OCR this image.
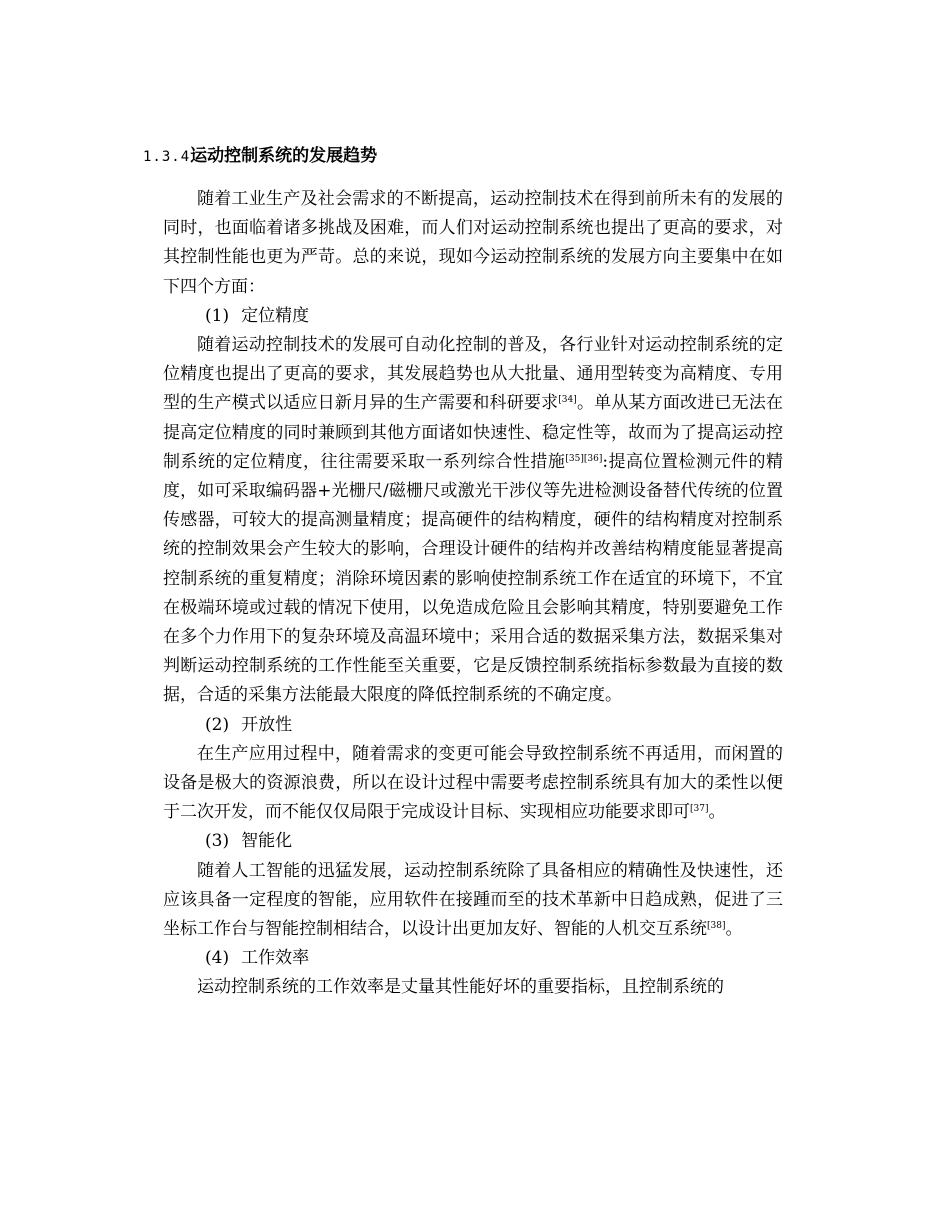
1.3.4运动控制系统的发展趋势

随着工业生产及社会需求的不断提高，运动控制技术在得到前所未有的发展的同时，也面临着诸多挑战及困难，而人们对运动控制系统也提出了更高的要求，对其控制性能也更为严苛。总的来说，现如今运动控制系统的发展方向主要集中在如下四个方面：

(1) 定位精度

随着运动控制技术的发展可自动化控制的普及，各行业针对运动控制系统的定位精度也提出了更高的要求，其发展趋势也从大批量、通用型转变为高精度、专用型的生产模式以适应日新月异的生产需要和科研要求[34]。单从某方面改进已无法在提高定位精度的同时兼顾到其他方面诸如快速性、稳定性等，故而为了提高运动控制系统的定位精度，往往需要采取一系列综合性措施[35][36]:提高位置检测元件的精度，如可采取编码器+光栅尺/磁栅尺或激光干涉仪等先进检测设备替代传统的位置传感器，可较大的提高测量精度；提高硬件的结构精度，硬件的结构精度对控制系统的控制效果会产生较大的影响，合理设计硬件的结构并改善结构精度能显著提高控制系统的重复精度；消除环境因素的影响使控制系统工作在适宜的环境下，不宜在极端环境或过载的情况下使用，以免造成危险且会影响其精度，特别要避免工作在多个力作用下的复杂环境及高温环境中；采用合适的数据采集方法，数据采集对判断运动控制系统的工作性能至关重要，它是反馈控制系统指标参数最为直接的数据，合适的采集方法能最大限度的降低控制系统的不确定度。

(2) 开放性

在生产应用过程中，随着需求的变更可能会导致控制系统不再适用，而闲置的设备是极大的资源浪费，所以在设计过程中需要考虑控制系统具有加大的柔性以便于二次开发，而不能仅仅局限于完成设计目标、实现相应功能要求即可[37]。

(3) 智能化

随着人工智能的迅猛发展，运动控制系统除了具备相应的精确性及快速性，还应该具备一定程度的智能，应用软件在接踵而至的技术革新中日趋成熟，促进了三坐标工作台与智能控制相结合，以设计出更加友好、智能的人机交互系统[38]。

(4) 工作效率

运动控制系统的工作效率是丈量其性能好坏的重要指标，且控制系统的
